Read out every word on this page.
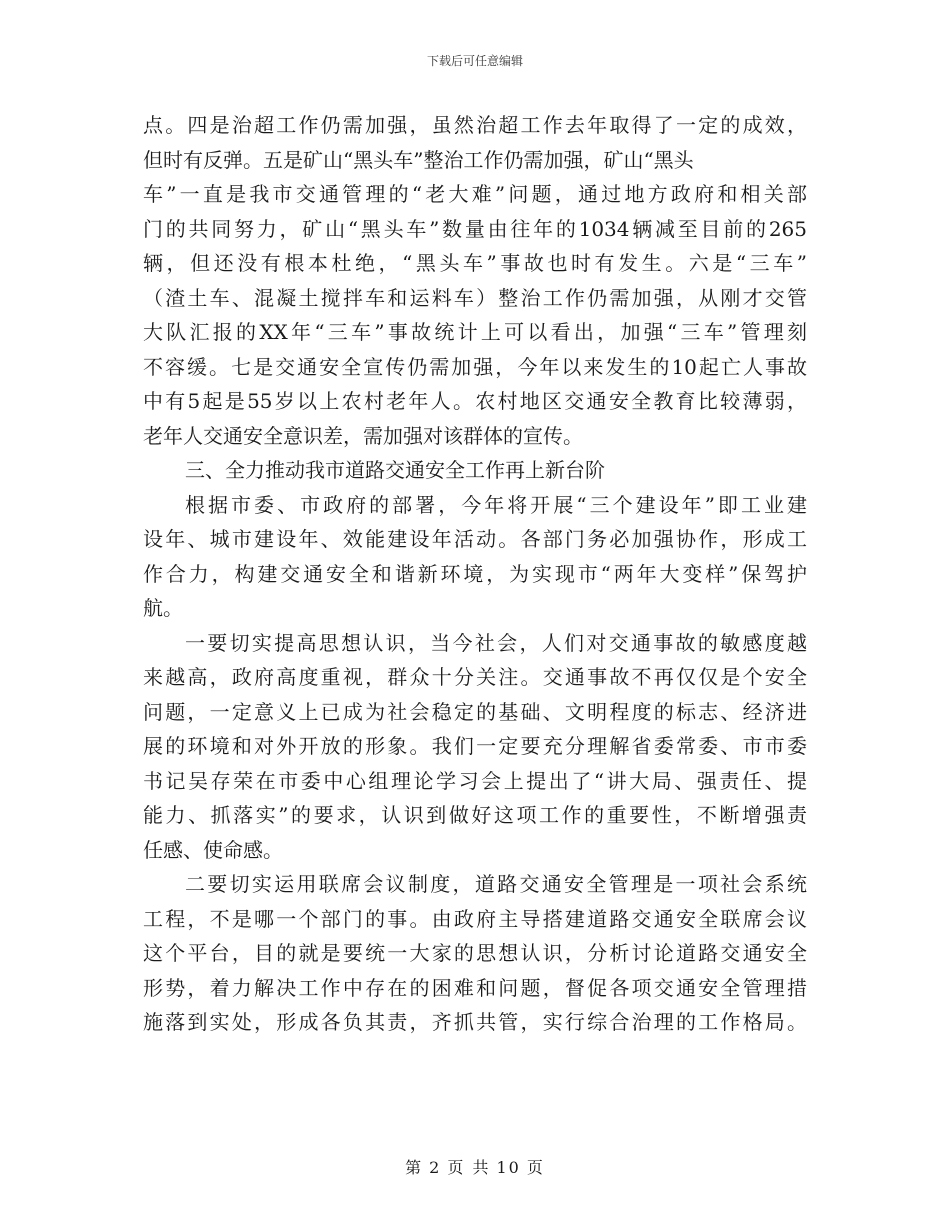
下载后可任意编辑
点。四是治超工作仍需加强，虽然治超工作去年取得了一定的成效，
但时有反弹。五是矿山“黑头车”整治工作仍需加强，矿山“黑头
车”一直是我市交通管理的“老大难”问题，通过地方政府和相关部
门的共同努力，矿山“黑头车”数量由往年的1034辆减至目前的265
辆，但还没有根本杜绝，“黑头车”事故也时有发生。六是“三车”
（渣土车、混凝土搅拌车和运料车）整治工作仍需加强，从刚才交管
大队汇报的XX年“三车”事故统计上可以看出，加强“三车”管理刻
不容缓。七是交通安全宣传仍需加强，今年以来发生的10起亡人事故
中有5起是55岁以上农村老年人。农村地区交通安全教育比较薄弱，
老年人交通安全意识差，需加强对该群体的宣传。
三、全力推动我市道路交通安全工作再上新台阶
根据市委、市政府的部署，今年将开展“三个建设年”即工业建
设年、城市建设年、效能建设年活动。各部门务必加强协作，形成工
作合力，构建交通安全和谐新环境，为实现市“两年大变样”保驾护
航。
一要切实提高思想认识，当今社会，人们对交通事故的敏感度越
来越高，政府高度重视，群众十分关注。交通事故不再仅仅是个安全
问题，一定意义上已成为社会稳定的基础、文明程度的标志、经济进
展的环境和对外开放的形象。我们一定要充分理解省委常委、市市委
书记吴存荣在市委中心组理论学习会上提出了“讲大局、强责任、提
能力、抓落实”的要求，认识到做好这项工作的重要性，不断增强责
任感、使命感。
二要切实运用联席会议制度，道路交通安全管理是一项社会系统
工程，不是哪一个部门的事。由政府主导搭建道路交通安全联席会议
这个平台，目的就是要统一大家的思想认识，分析讨论道路交通安全
形势，着力解决工作中存在的困难和问题，督促各项交通安全管理措
施落到实处，形成各负其责，齐抓共管，实行综合治理的工作格局。
第 2 页 共 10 页
